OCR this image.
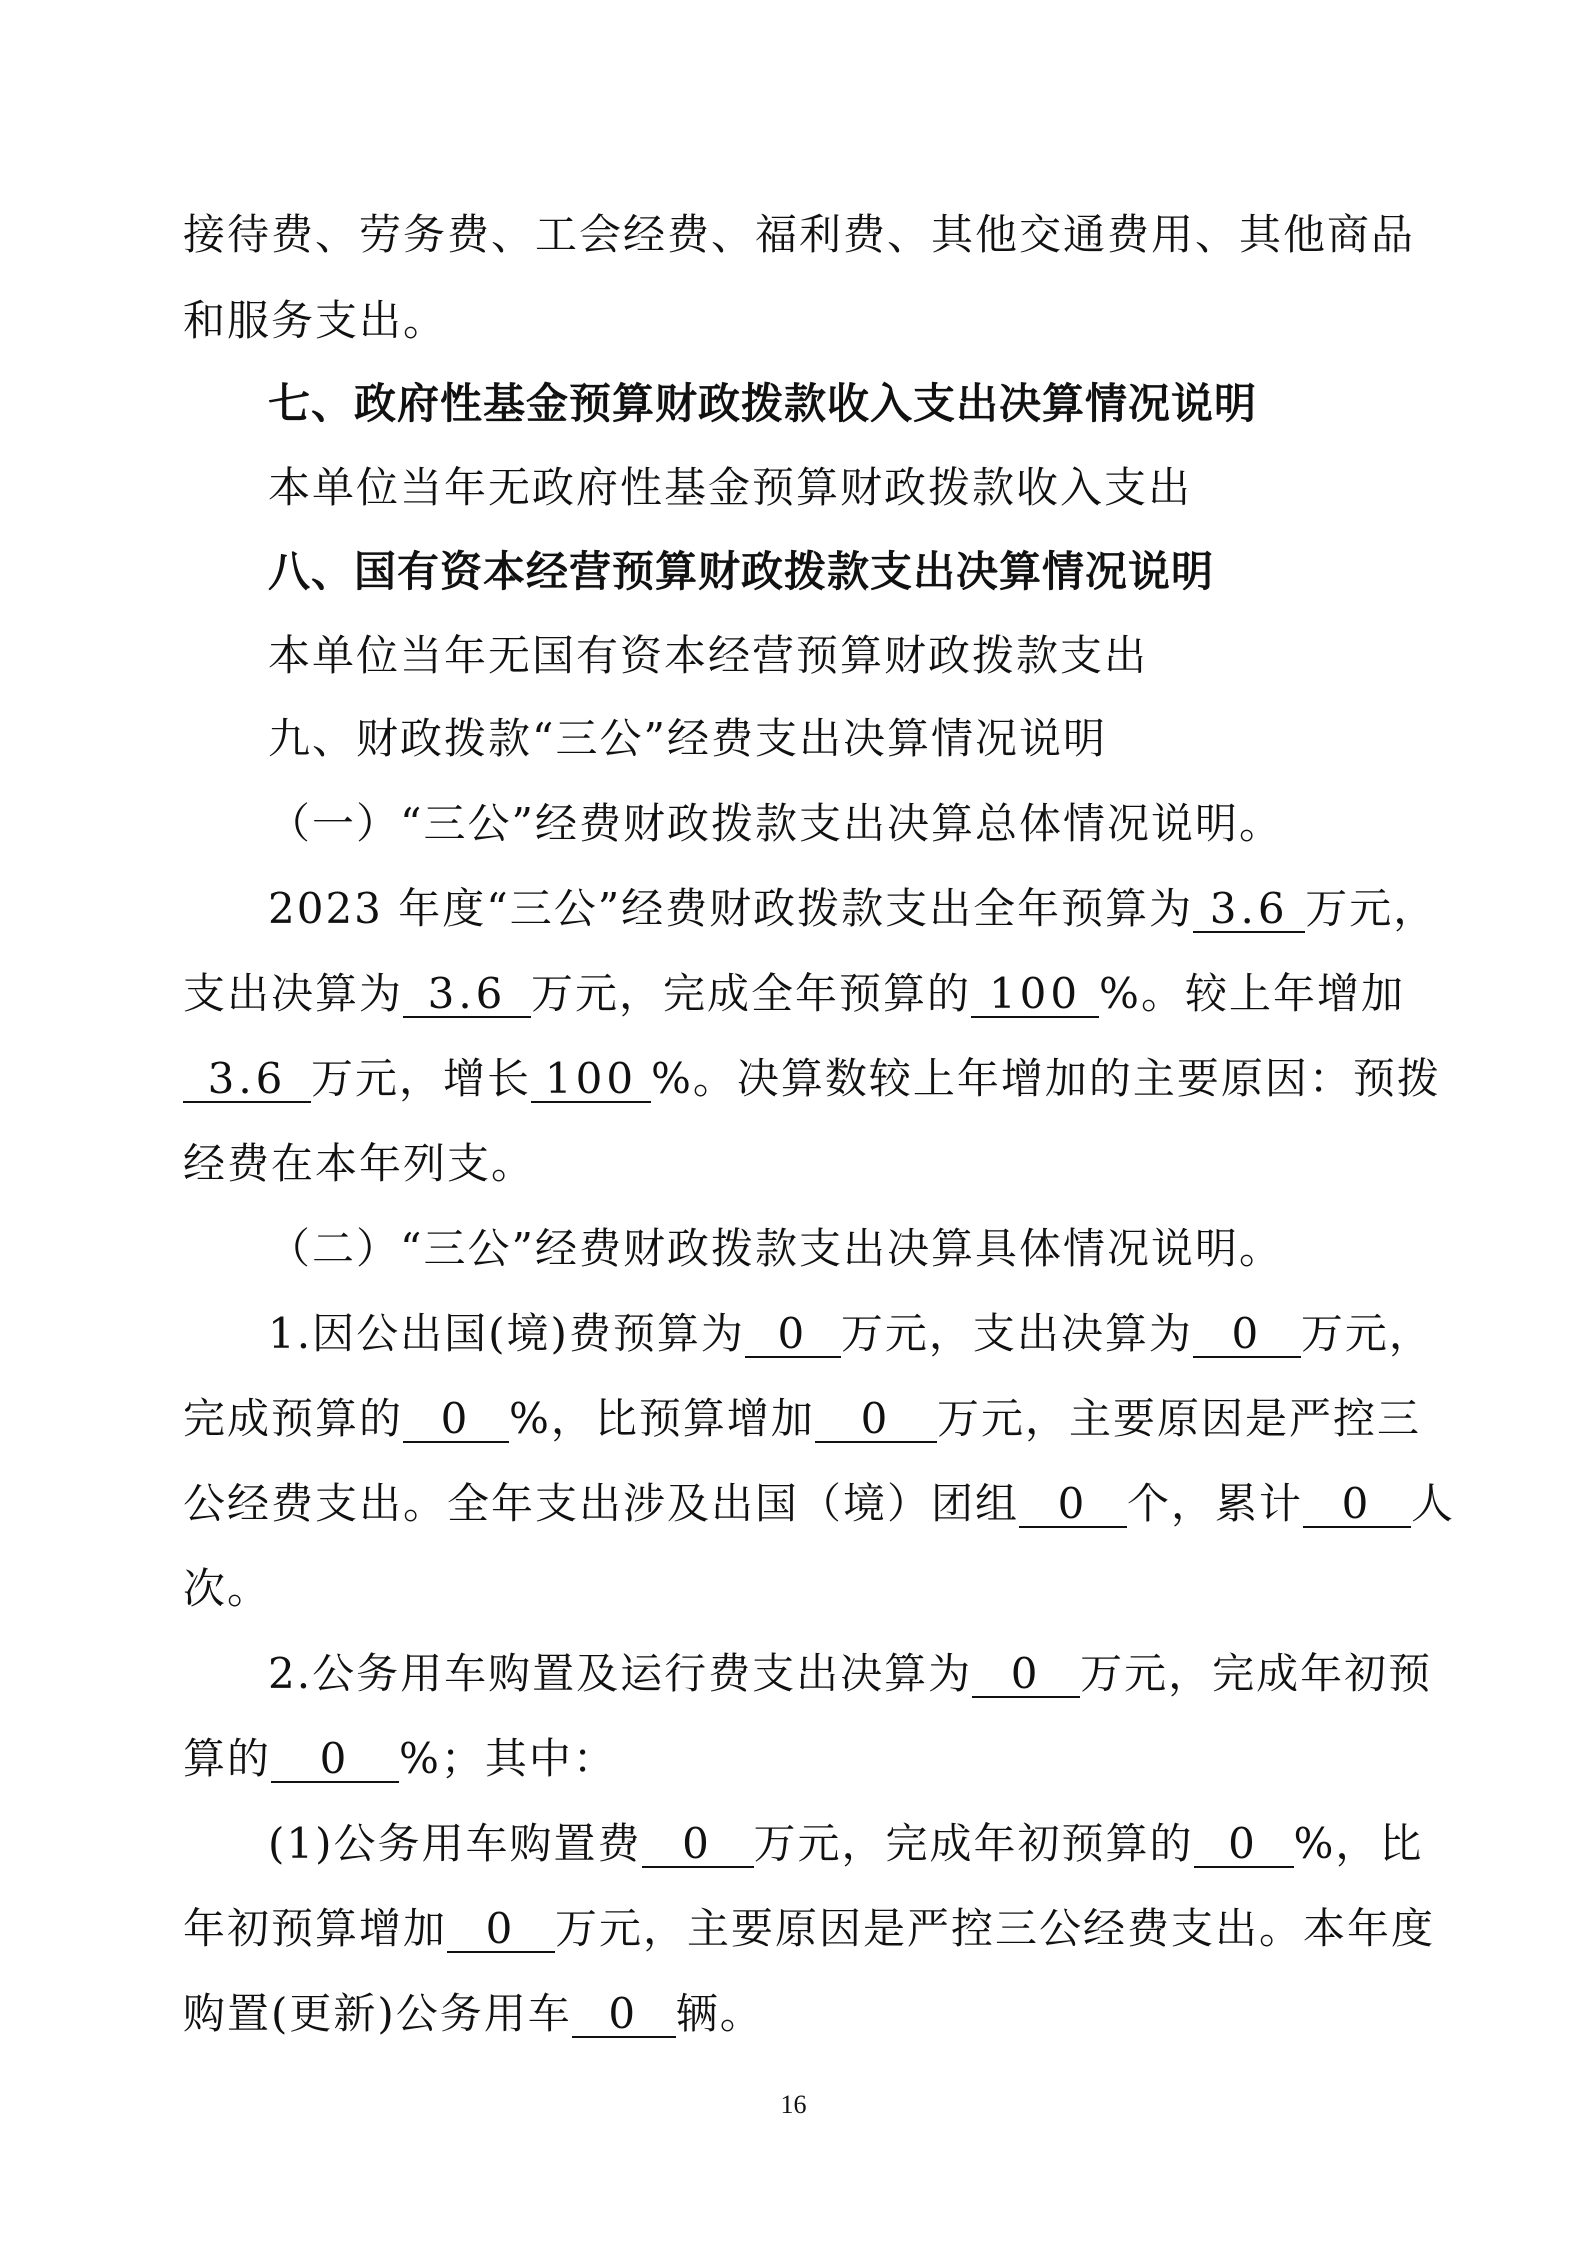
接待费、劳务费、工会经费、福利费、其他交通费用、其他商品
和服务支出。
七、政府性基金预算财政拨款收入支出决算情况说明
本单位当年无政府性基金预算财政拨款收入支出
八、国有资本经营预算财政拨款支出决算情况说明
本单位当年无国有资本经营预算财政拨款支出
九、财政拨款“三公”经费支出决算情况说明
（一）“三公”经费财政拨款支出决算总体情况说明。
2023 年度“三公”经费财政拨款支出全年预算为 3.6 万元，
支出决算为 3.6 万元，完成全年预算的 100 %。较上年增加
3.6 万元，增长 100 %。决算数较上年增加的主要原因：预拨
经费在本年列支。
（二）“三公”经费财政拨款支出决算具体情况说明。
1.因公出国(境)费预算为 0 万元，支出决算为 0 万元，
完成预算的 0 %，比预算增加 0 万元，主要原因是严控三
公经费支出。全年支出涉及出国（境）团组 0 个，累计 0 人
次。
2.公务用车购置及运行费支出决算为 0 万元，完成年初预
算的 0 %；其中：
(1)公务用车购置费 0 万元，完成年初预算的 0 %，比
年初预算增加 0 万元，主要原因是严控三公经费支出。本年度
购置(更新)公务用车 0 辆。
16
